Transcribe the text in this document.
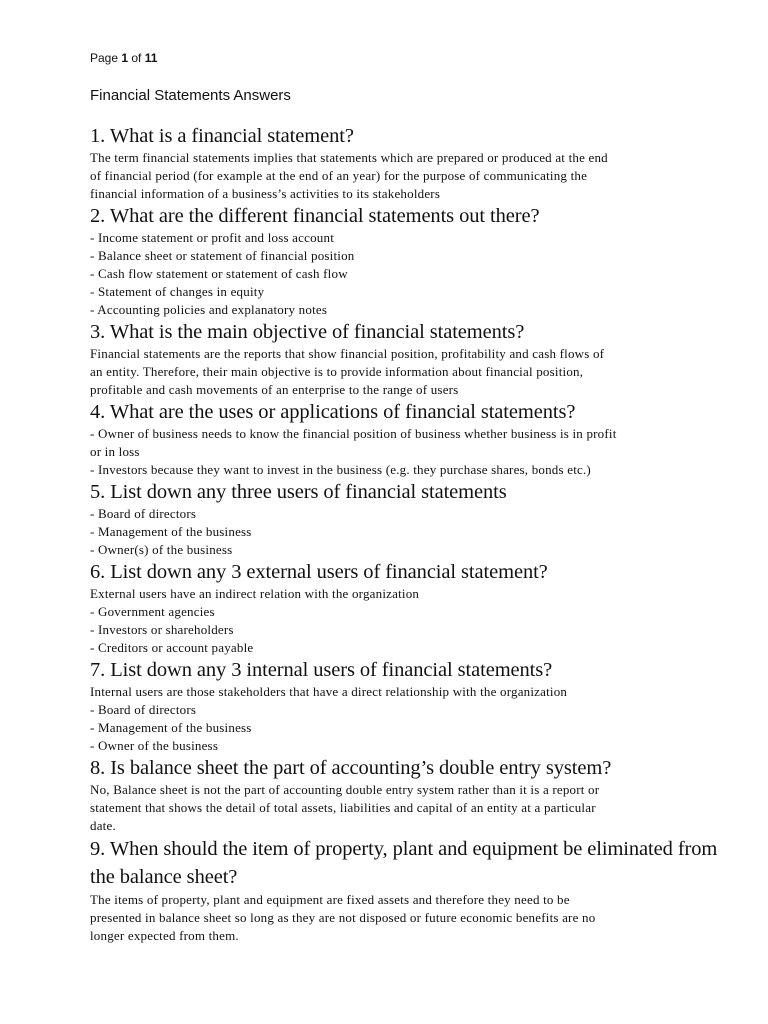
Page 1 of 11
Financial Statements Answers
1. What is a financial statement?

The term financial statements implies that statements which are prepared or produced at the end

of financial period (for example at the end of an year) for the purpose of communicating the

financial information of a business’s activities to its stakeholders

2. What are the different financial statements out there?

- Income statement or profit and loss account

- Balance sheet or statement of financial position

- Cash flow statement or statement of cash flow

- Statement of changes in equity

- Accounting policies and explanatory notes

3. What is the main objective of financial statements?

Financial statements are the reports that show financial position, profitability and cash flows of

an entity. Therefore, their main objective is to provide information about financial position,

profitable and cash movements of an enterprise to the range of users

4. What are the uses or applications of financial statements?

- Owner of business needs to know the financial position of business whether business is in profit

or in loss

- Investors because they want to invest in the business (e.g. they purchase shares, bonds etc.)

5. List down any three users of financial statements

- Board of directors

- Management of the business

- Owner(s) of the business

6. List down any 3 external users of financial statement?

External users have an indirect relation with the organization

- Government agencies

- Investors or shareholders

- Creditors or account payable

7. List down any 3 internal users of financial statements?

Internal users are those stakeholders that have a direct relationship with the organization

- Board of directors

- Management of the business

- Owner of the business

8. Is balance sheet the part of accounting’s double entry system?

No, Balance sheet is not the part of accounting double entry system rather than it is a report or

statement that shows the detail of total assets, liabilities and capital of an entity at a particular

date.

9. When should the item of property, plant and equipment be eliminated from the balance sheet?

The items of property, plant and equipment are fixed assets and therefore they need to be

presented in balance sheet so long as they are not disposed or future economic benefits are no

longer expected from them.
